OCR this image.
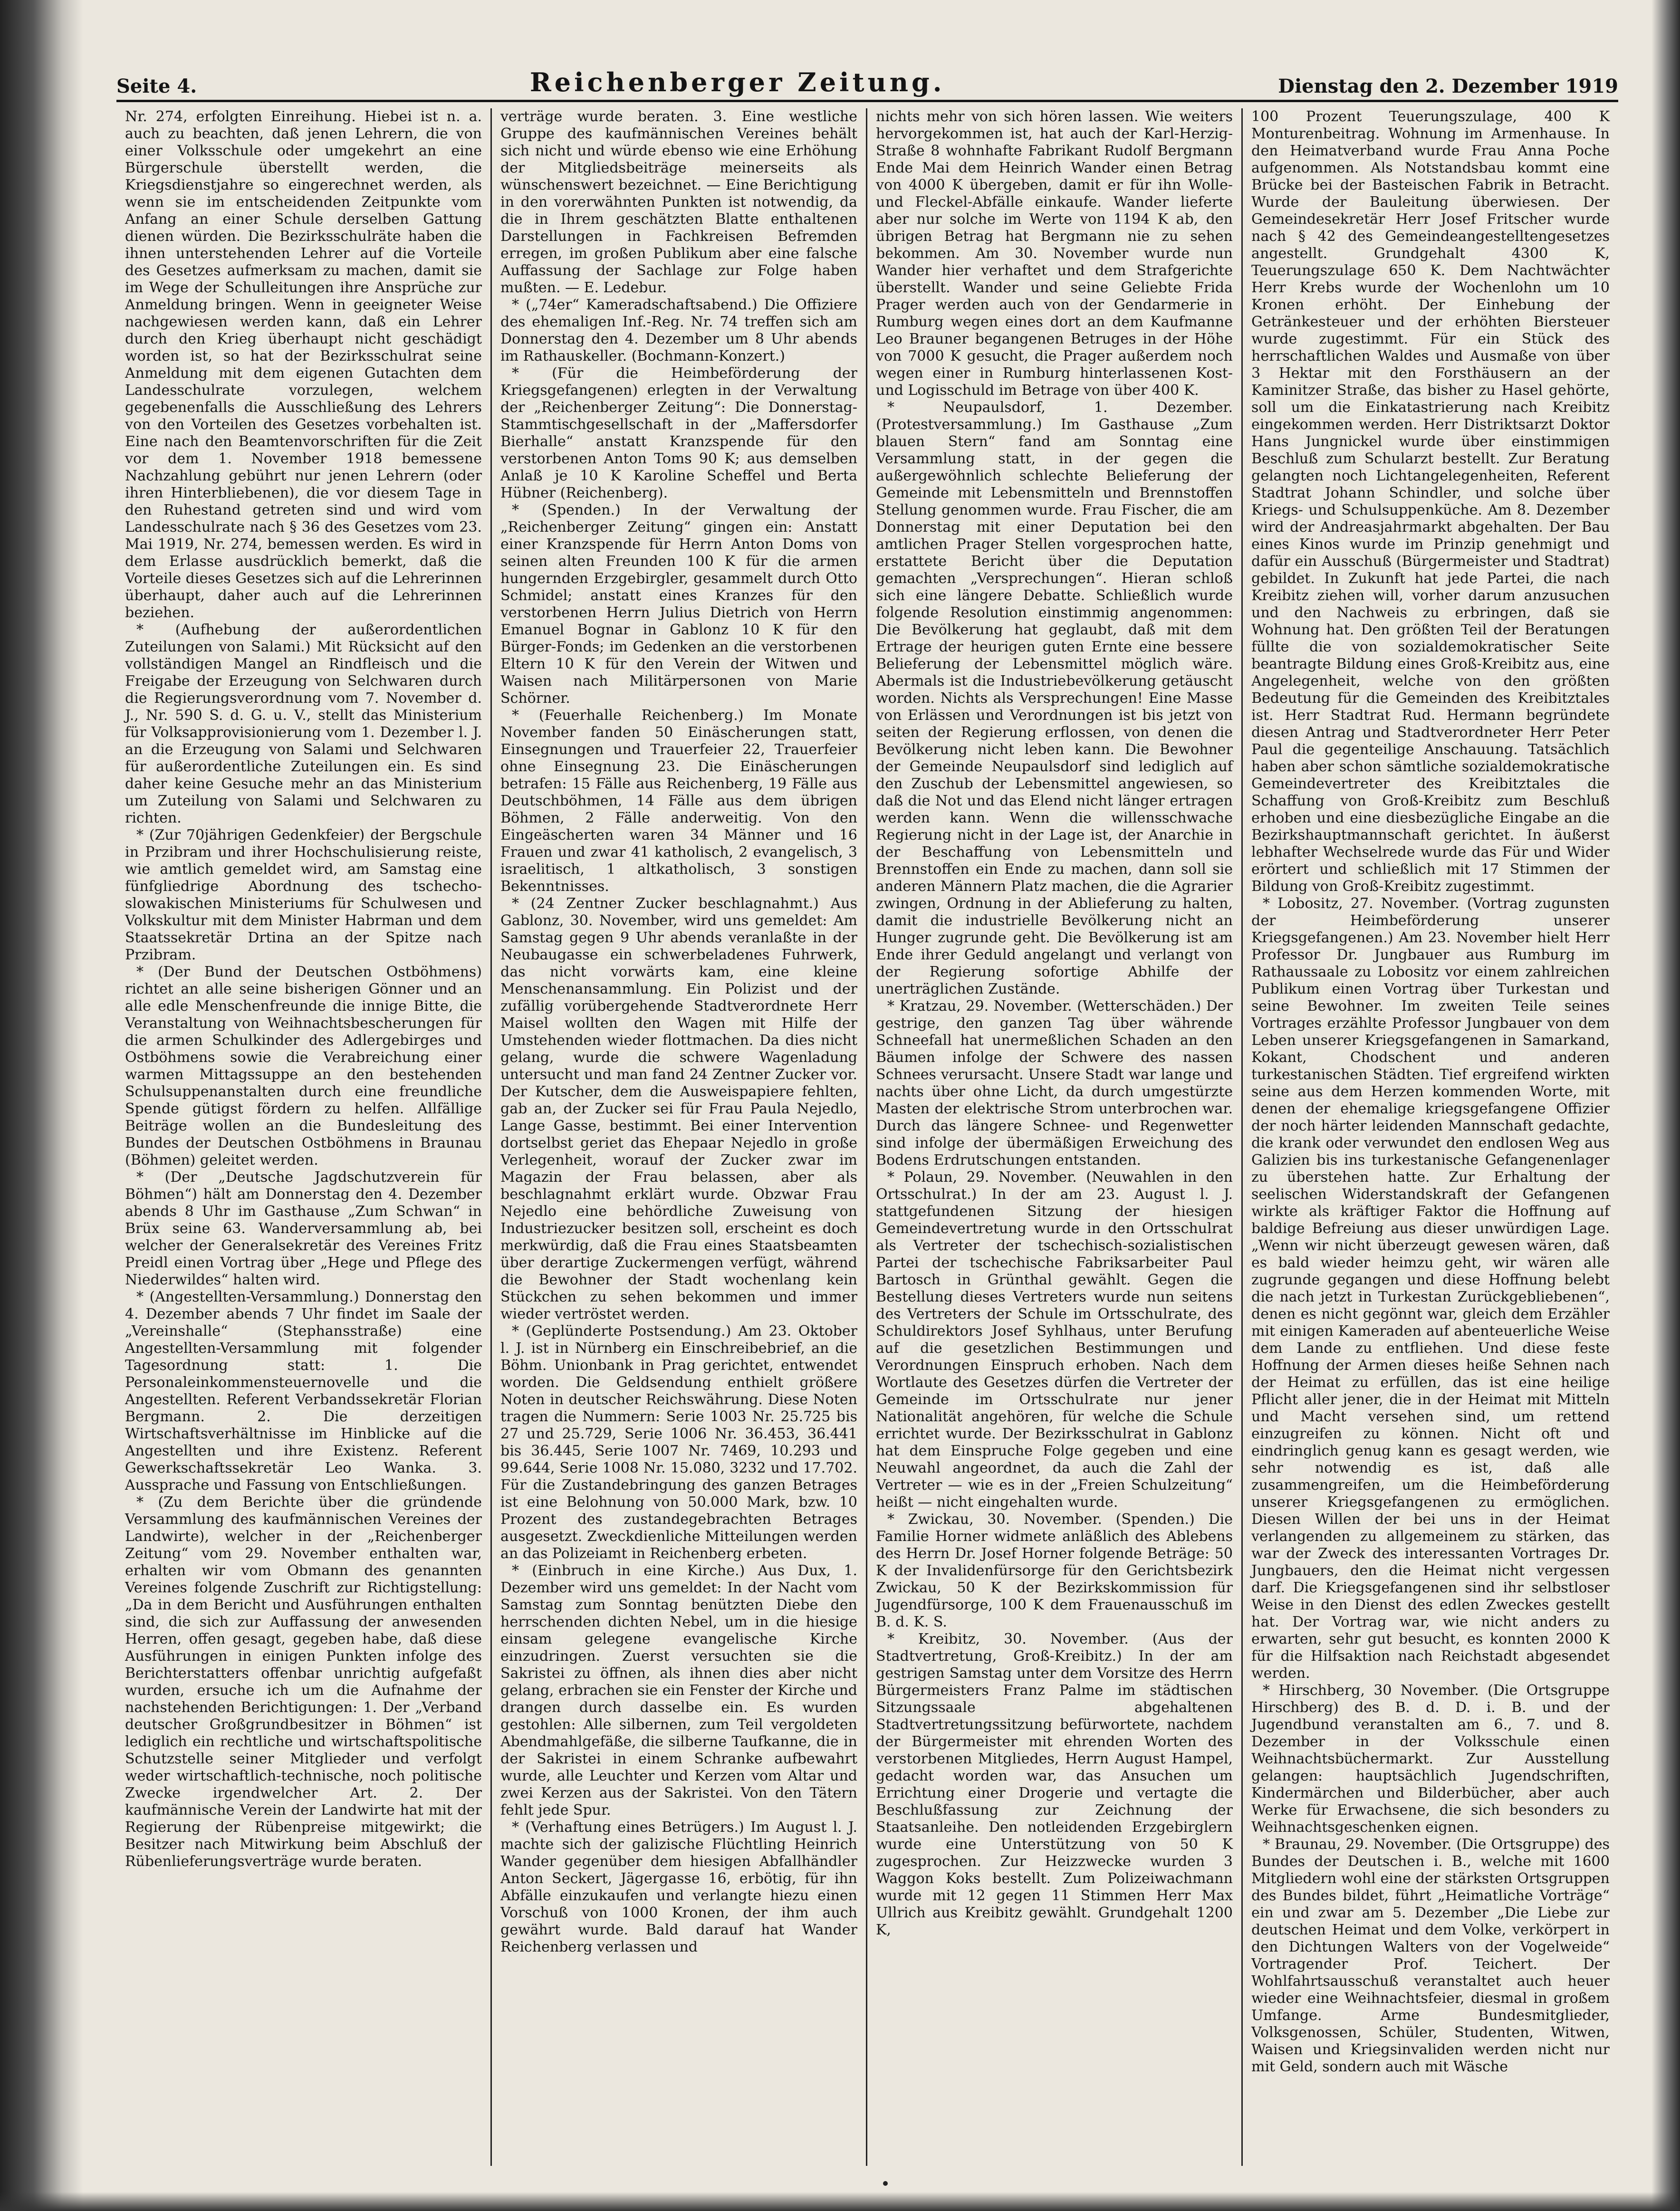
Seite 4.	Reichenberger Zeitung.	Dienstag den 2. Dezember 1919

Nr. 274, erfolgten Einreihung. Hiebei ist n. a. auch zu beachten, daß jenen Lehrern, die von einer Volksschule oder umgekehrt an eine Bürgerschule überstellt werden, die Kriegsdienstjahre so eingerechnet werden, als wenn sie im entscheidenden Zeitpunkte vom Anfang an einer Schule derselben Gattung dienen würden. Die Bezirksschulräte haben die ihnen unterstehenden Lehrer auf die Vorteile des Gesetzes aufmerksam zu machen, damit sie im Wege der Schulleitungen ihre Ansprüche zur Anmeldung bringen. Wenn in geeigneter Weise nachgewiesen werden kann, daß ein Lehrer durch den Krieg überhaupt nicht geschädigt worden ist, so hat der Bezirksschulrat seine Anmeldung mit dem eigenen Gutachten dem Landesschulrate vorzulegen, welchem gegebenenfalls die Ausschließung des Lehrers von den Vorteilen des Gesetzes vorbehalten ist. Eine nach den Beamtenvorschriften für die Zeit vor dem 1. November 1918 bemessene Nachzahlung gebührt nur jenen Lehrern (oder ihren Hinterbliebenen), die vor diesem Tage in den Ruhestand getreten sind und wird vom Landesschulrate nach § 36 des Gesetzes vom 23. Mai 1919, Nr. 274, bemessen werden. Es wird in dem Erlasse ausdrücklich bemerkt, daß die Vorteile dieses Gesetzes sich auf die Lehrerinnen überhaupt, daher auch auf die Lehrerinnen beziehen.

* (Aufhebung der außerordentlichen Zuteilungen von Salami.) Mit Rücksicht auf den vollständigen Mangel an Rindfleisch und die Freigabe der Erzeugung von Selchwaren durch die Regierungsverordnung vom 7. November d. J., Nr. 590 S. d. G. u. V., stellt das Ministerium für Volksapprovisionierung vom 1. Dezember l. J. an die Erzeugung von Salami und Selchwaren für außerordentliche Zuteilungen ein. Es sind daher keine Gesuche mehr an das Ministerium um Zuteilung von Salami und Selchwaren zu richten.

* (Zur 70jährigen Gedenkfeier) der Bergschule in Przibram und ihrer Hochschulisierung reiste, wie amtlich gemeldet wird, am Samstag eine fünfgliedrige Abordnung des tschecho-slowakischen Ministeriums für Schulwesen und Volkskultur mit dem Minister Habrman und dem Staatssekretär Drtina an der Spitze nach Przibram.

* (Der Bund der Deutschen Ostböhmens) richtet an alle seine bisherigen Gönner und an alle edle Menschenfreunde die innige Bitte, die Veranstaltung von Weihnachtsbescherungen für die armen Schulkinder des Adlergebirges und Ostböhmens sowie die Verabreichung einer warmen Mittagssuppe an den bestehenden Schulsuppenanstalten durch eine freundliche Spende gütigst fördern zu helfen. Allfällige Beiträge wollen an die Bundesleitung des Bundes der Deutschen Ostböhmens in Braunau (Böhmen) geleitet werden.

* (Der „Deutsche Jagdschutzverein für Böhmen“) hält am Donnerstag den 4. Dezember abends 8 Uhr im Gasthause „Zum Schwan“ in Brüx seine 63. Wanderversammlung ab, bei welcher der Generalsekretär des Vereines Fritz Preidl einen Vortrag über „Hege und Pflege des Niederwildes“ halten wird.

* (Angestellten-Versammlung.) Donnerstag den 4. Dezember abends 7 Uhr findet im Saale der „Vereinshalle“ (Stephansstraße) eine Angestellten-Versammlung mit folgender Tagesordnung statt: 1. Die Personaleinkommensteuernovelle und die Angestellten. Referent Verbandssekretär Florian Bergmann. 2. Die derzeitigen Wirtschaftsverhältnisse im Hinblicke auf die Angestellten und ihre Existenz. Referent Gewerkschaftssekretär Leo Wanka. 3. Aussprache und Fassung von Entschließungen.

* (Zu dem Berichte über die gründende Versammlung des kaufmännischen Vereines der Landwirte), welcher in der „Reichenberger Zeitung“ vom 29. November enthalten war, erhalten wir vom Obmann des genannten Vereines folgende Zuschrift zur Richtigstellung: „Da in dem Bericht und Ausführungen enthalten sind, die sich zur Auffassung der anwesenden Herren, offen gesagt, gegeben habe, daß diese Ausführungen in einigen Punkten infolge des Berichterstatters offenbar unrichtig aufgefaßt wurden, ersuche ich um die Aufnahme der nachstehenden Berichtigungen: 1. Der „Verband deutscher Großgrundbesitzer in Böhmen“ ist lediglich ein rechtliche und wirtschaftspolitische Schutzstelle seiner Mitglieder und verfolgt weder wirtschaftlich-technische, noch politische Zwecke irgendwelcher Art. 2. Der kaufmännische Verein der Landwirte hat mit der Regierung der Rübenpreise mitgewirkt; die Besitzer nach Mitwirkung beim Abschluß der Rübenlieferungsverträge wurde beraten.

verträge wurde beraten. 3. Eine westliche Gruppe des kaufmännischen Vereines behält sich nicht und würde ebenso wie eine Erhöhung der Mitgliedsbeiträge meinerseits als wünschenswert bezeichnet. — Eine Berichtigung in den vorerwähnten Punkten ist notwendig, da die in Ihrem geschätzten Blatte enthaltenen Darstellungen in Fachkreisen Befremden erregen, im großen Publikum aber eine falsche Auffassung der Sachlage zur Folge haben mußten. — E. Ledebur.

* („74er“ Kameradschaftsabend.) Die Offiziere des ehemaligen Inf.-Reg. Nr. 74 treffen sich am Donnerstag den 4. Dezember um 8 Uhr abends im Rathauskeller. (Bochmann-Konzert.)

* (Für die Heimbeförderung der Kriegsgefangenen) erlegten in der Verwaltung der „Reichenberger Zeitung“: Die Donnerstag-Stammtischgesellschaft in der „Maffersdorfer Bierhalle“ anstatt Kranzspende für den verstorbenen Anton Toms 90 K; aus demselben Anlaß je 10 K Karoline Scheffel und Berta Hübner (Reichenberg).

* (Spenden.) In der Verwaltung der „Reichenberger Zeitung“ gingen ein: Anstatt einer Kranzspende für Herrn Anton Doms von seinen alten Freunden 100 K für die armen hungernden Erzgebirgler, gesammelt durch Otto Schmidel; anstatt eines Kranzes für den verstorbenen Herrn Julius Dietrich von Herrn Emanuel Bognar in Gablonz 10 K für den Bürger-Fonds; im Gedenken an die verstorbenen Eltern 10 K für den Verein der Witwen und Waisen nach Militärpersonen von Marie Schörner.

* (Feuerhalle Reichenberg.) Im Monate November fanden 50 Einäscherungen statt, Einsegnungen und Trauerfeier 22, Trauerfeier ohne Einsegnung 23. Die Einäscherungen betrafen: 15 Fälle aus Reichenberg, 19 Fälle aus Deutschböhmen, 14 Fälle aus dem übrigen Böhmen, 2 Fälle anderweitig. Von den Eingeäscherten waren 34 Männer und 16 Frauen und zwar 41 katholisch, 2 evangelisch, 3 israelitisch, 1 altkatholisch, 3 sonstigen Bekenntnisses.

* (24 Zentner Zucker beschlagnahmt.) Aus Gablonz, 30. November, wird uns gemeldet: Am Samstag gegen 9 Uhr abends veranlaßte in der Neubaugasse ein schwerbeladenes Fuhrwerk, das nicht vorwärts kam, eine kleine Menschenansammlung. Ein Polizist und der zufällig vorübergehende Stadtverordnete Herr Maisel wollten den Wagen mit Hilfe der Umstehenden wieder flottmachen. Da dies nicht gelang, wurde die schwere Wagenladung untersucht und man fand 24 Zentner Zucker vor. Der Kutscher, dem die Ausweispapiere fehlten, gab an, der Zucker sei für Frau Paula Nejedlo, Lange Gasse, bestimmt. Bei einer Intervention dortselbst geriet das Ehepaar Nejedlo in große Verlegenheit, worauf der Zucker zwar im Magazin der Frau belassen, aber als beschlagnahmt erklärt wurde. Obzwar Frau Nejedlo eine behördliche Zuweisung von Industriezucker besitzen soll, erscheint es doch merkwürdig, daß die Frau eines Staatsbeamten über derartige Zuckermengen verfügt, während die Bewohner der Stadt wochenlang kein Stückchen zu sehen bekommen und immer wieder vertröstet werden.

* (Geplünderte Postsendung.) Am 23. Oktober l. J. ist in Nürnberg ein Einschreibebrief, an die Böhm. Unionbank in Prag gerichtet, entwendet worden. Die Geldsendung enthielt größere Noten in deutscher Reichswährung. Diese Noten tragen die Nummern: Serie 1003 Nr. 25.725 bis 27 und 25.729, Serie 1006 Nr. 36.453, 36.441 bis 36.445, Serie 1007 Nr. 7469, 10.293 und 99.644, Serie 1008 Nr. 15.080, 3232 und 17.702. Für die Zustandebringung des ganzen Betrages ist eine Belohnung von 50.000 Mark, bzw. 10 Prozent des zustandegebrachten Betrages ausgesetzt. Zweckdienliche Mitteilungen werden an das Polizeiamt in Reichenberg erbeten.

* (Einbruch in eine Kirche.) Aus Dux, 1. Dezember wird uns gemeldet: In der Nacht vom Samstag zum Sonntag benützten Diebe den herrschenden dichten Nebel, um in die hiesige einsam gelegene evangelische Kirche einzudringen. Zuerst versuchten sie die Sakristei zu öffnen, als ihnen dies aber nicht gelang, erbrachen sie ein Fenster der Kirche und drangen durch dasselbe ein. Es wurden gestohlen: Alle silbernen, zum Teil vergoldeten Abendmahlgefäße, die silberne Taufkanne, die in der Sakristei in einem Schranke aufbewahrt wurde, alle Leuchter und Kerzen vom Altar und zwei Kerzen aus der Sakristei. Von den Tätern fehlt jede Spur.

* (Verhaftung eines Betrügers.) Im August l. J. machte sich der galizische Flüchtling Heinrich Wander gegenüber dem hiesigen Abfallhändler Anton Seckert, Jägergasse 16, erbötig, für ihn Abfälle einzukaufen und verlangte hiezu einen Vorschuß von 1000 Kronen, der ihm auch gewährt wurde. Bald darauf hat Wander Reichenberg verlassen und

nichts mehr von sich hören lassen. Wie weiters hervorgekommen ist, hat auch der Karl-Herzig-Straße 8 wohnhafte Fabrikant Rudolf Bergmann Ende Mai dem Heinrich Wander einen Betrag von 4000 K übergeben, damit er für ihn Wolle- und Fleckel-Abfälle einkaufe. Wander lieferte aber nur solche im Werte von 1194 K ab, den übrigen Betrag hat Bergmann nie zu sehen bekommen. Am 30. November wurde nun Wander hier verhaftet und dem Strafgerichte überstellt. Wander und seine Geliebte Frida Prager werden auch von der Gendarmerie in Rumburg wegen eines dort an dem Kaufmanne Leo Brauner begangenen Betruges in der Höhe von 7000 K gesucht, die Prager außerdem noch wegen einer in Rumburg hinterlassenen Kost- und Logisschuld im Betrage von über 400 K.

* Neupaulsdorf, 1. Dezember. (Protestversammlung.) Im Gasthause „Zum blauen Stern“ fand am Sonntag eine Versammlung statt, in der gegen die außergewöhnlich schlechte Belieferung der Gemeinde mit Lebensmitteln und Brennstoffen Stellung genommen wurde. Frau Fischer, die am Donnerstag mit einer Deputation bei den amtlichen Prager Stellen vorgesprochen hatte, erstattete Bericht über die Deputation gemachten „Versprechungen“. Hieran schloß sich eine längere Debatte. Schließlich wurde folgende Resolution einstimmig angenommen: Die Bevölkerung hat geglaubt, daß mit dem Ertrage der heurigen guten Ernte eine bessere Belieferung der Lebensmittel möglich wäre. Abermals ist die Industriebevölkerung getäuscht worden. Nichts als Versprechungen! Eine Masse von Erlässen und Verordnungen ist bis jetzt von seiten der Regierung erflossen, von denen die Bevölkerung nicht leben kann. Die Bewohner der Gemeinde Neupaulsdorf sind lediglich auf den Zuschub der Lebensmittel angewiesen, so daß die Not und das Elend nicht länger ertragen werden kann. Wenn die willensschwache Regierung nicht in der Lage ist, der Anarchie in der Beschaffung von Lebensmitteln und Brennstoffen ein Ende zu machen, dann soll sie anderen Männern Platz machen, die die Agrarier zwingen, Ordnung in der Ablieferung zu halten, damit die industrielle Bevölkerung nicht an Hunger zugrunde geht. Die Bevölkerung ist am Ende ihrer Geduld angelangt und verlangt von der Regierung sofortige Abhilfe der unerträglichen Zustände.

* Kratzau, 29. November. (Wetterschäden.) Der gestrige, den ganzen Tag über währende Schneefall hat unermeßlichen Schaden an den Bäumen infolge der Schwere des nassen Schnees verursacht. Unsere Stadt war lange und nachts über ohne Licht, da durch umgestürzte Masten der elektrische Strom unterbrochen war. Durch das längere Schnee- und Regenwetter sind infolge der übermäßigen Erweichung des Bodens Erdrutschungen entstanden.

* Polaun, 29. November. (Neuwahlen in den Ortsschulrat.) In der am 23. August l. J. stattgefundenen Sitzung der hiesigen Gemeindevertretung wurde in den Ortsschulrat als Vertreter der tschechisch-sozialistischen Partei der tschechische Fabriksarbeiter Paul Bartosch in Grünthal gewählt. Gegen die Bestellung dieses Vertreters wurde nun seitens des Vertreters der Schule im Ortsschulrate, des Schuldirektors Josef Syhlhaus, unter Berufung auf die gesetzlichen Bestimmungen und Verordnungen Einspruch erhoben. Nach dem Wortlaute des Gesetzes dürfen die Vertreter der Gemeinde im Ortsschulrate nur jener Nationalität angehören, für welche die Schule errichtet wurde. Der Bezirksschulrat in Gablonz hat dem Einspruche Folge gegeben und eine Neuwahl angeordnet, da auch die Zahl der Vertreter — wie es in der „Freien Schulzeitung“ heißt — nicht eingehalten wurde.

* Zwickau, 30. November. (Spenden.) Die Familie Horner widmete anläßlich des Ablebens des Herrn Dr. Josef Horner folgende Beträge: 50 K der Invalidenfürsorge für den Gerichtsbezirk Zwickau, 50 K der Bezirkskommission für Jugendfürsorge, 100 K dem Frauenausschuß im B. d. K. S.

* Kreibitz, 30. November. (Aus der Stadtvertretung, Groß-Kreibitz.) In der am gestrigen Samstag unter dem Vorsitze des Herrn Bürgermeisters Franz Palme im städtischen Sitzungssaale abgehaltenen Stadtvertretungssitzung befürwortete, nachdem der Bürgermeister mit ehrenden Worten des verstorbenen Mitgliedes, Herrn August Hampel, gedacht worden war, das Ansuchen um Errichtung einer Drogerie und vertagte die Beschlußfassung zur Zeichnung der Staatsanleihe. Den notleidenden Erzgebirglern wurde eine Unterstützung von 50 K zugesprochen. Zur Heizzwecke wurden 3 Waggon Koks bestellt. Zum Polizeiwachmann wurde mit 12 gegen 11 Stimmen Herr Max Ullrich aus Kreibitz gewählt. Grundgehalt 1200 K,

100 Prozent Teuerungszulage, 400 K Monturenbeitrag. Wohnung im Armenhause. In den Heimatverband wurde Frau Anna Poche aufgenommen. Als Notstandsbau kommt eine Brücke bei der Basteischen Fabrik in Betracht. Wurde der Bauleitung überwiesen. Der Gemeindesekretär Herr Josef Fritscher wurde nach § 42 des Gemeindeangestelltengesetzes angestellt. Grundgehalt 4300 K, Teuerungszulage 650 K. Dem Nachtwächter Herr Krebs wurde der Wochenlohn um 10 Kronen erhöht. Der Einhebung der Getränkesteuer und der erhöhten Biersteuer wurde zugestimmt. Für ein Stück des herrschaftlichen Waldes und Ausmaße von über 3 Hektar mit den Forsthäusern an der Kaminitzer Straße, das bisher zu Hasel gehörte, soll um die Einkatastrierung nach Kreibitz eingekommen werden. Herr Distriktsarzt Doktor Hans Jungnickel wurde über einstimmigen Beschluß zum Schularzt bestellt. Zur Beratung gelangten noch Lichtangelegenheiten, Referent Stadtrat Johann Schindler, und solche über Kriegs- und Schulsuppenküche. Am 8. Dezember wird der Andreasjahrmarkt abgehalten. Der Bau eines Kinos wurde im Prinzip genehmigt und dafür ein Ausschuß (Bürgermeister und Stadtrat) gebildet. In Zukunft hat jede Partei, die nach Kreibitz ziehen will, vorher darum anzusuchen und den Nachweis zu erbringen, daß sie Wohnung hat. Den größten Teil der Beratungen füllte die von sozialdemokratischer Seite beantragte Bildung eines Groß-Kreibitz aus, eine Angelegenheit, welche von den größten Bedeutung für die Gemeinden des Kreibitztales ist. Herr Stadtrat Rud. Hermann begründete diesen Antrag und Stadtverordneter Herr Peter Paul die gegenteilige Anschauung. Tatsächlich haben aber schon sämtliche sozialdemokratische Gemeindevertreter des Kreibitztales die Schaffung von Groß-Kreibitz zum Beschluß erhoben und eine diesbezügliche Eingabe an die Bezirkshauptmannschaft gerichtet. In äußerst lebhafter Wechselrede wurde das Für und Wider erörtert und schließlich mit 17 Stimmen der Bildung von Groß-Kreibitz zugestimmt.

* Lobositz, 27. November. (Vortrag zugunsten der Heimbeförderung unserer Kriegsgefangenen.) Am 23. November hielt Herr Professor Dr. Jungbauer aus Rumburg im Rathaussaale zu Lobositz vor einem zahlreichen Publikum einen Vortrag über Turkestan und seine Bewohner. Im zweiten Teile seines Vortrages erzählte Professor Jungbauer von dem Leben unserer Kriegsgefangenen in Samarkand, Kokant, Chodschent und anderen turkestanischen Städten. Tief ergreifend wirkten seine aus dem Herzen kommenden Worte, mit denen der ehemalige kriegsgefangene Offizier der noch härter leidenden Mannschaft gedachte, die krank oder verwundet den endlosen Weg aus Galizien bis ins turkestanische Gefangenenlager zu überstehen hatte. Zur Erhaltung der seelischen Widerstandskraft der Gefangenen wirkte als kräftiger Faktor die Hoffnung auf baldige Befreiung aus dieser unwürdigen Lage. „Wenn wir nicht überzeugt gewesen wären, daß es bald wieder heimzu geht, wir wären alle zugrunde gegangen und diese Hoffnung belebt die nach jetzt in Turkestan Zurückgebliebenen“, denen es nicht gegönnt war, gleich dem Erzähler mit einigen Kameraden auf abenteuerliche Weise dem Lande zu entfliehen. Und diese feste Hoffnung der Armen dieses heiße Sehnen nach der Heimat zu erfüllen, das ist eine heilige Pflicht aller jener, die in der Heimat mit Mitteln und Macht versehen sind, um rettend einzugreifen zu können. Nicht oft und eindringlich genug kann es gesagt werden, wie sehr notwendig es ist, daß alle zusammengreifen, um die Heimbeförderung unserer Kriegsgefangenen zu ermöglichen. Diesen Willen der bei uns in der Heimat verlangenden zu allgemeinem zu stärken, das war der Zweck des interessanten Vortrages Dr. Jungbauers, den die Heimat nicht vergessen darf. Die Kriegsgefangenen sind ihr selbstloser Weise in den Dienst des edlen Zweckes gestellt hat. Der Vortrag war, wie nicht anders zu erwarten, sehr gut besucht, es konnten 2000 K für die Hilfsaktion nach Reichstadt abgesendet werden.

* Hirschberg, 30 November. (Die Ortsgruppe Hirschberg) des B. d. D. i. B. und der Jugendbund veranstalten am 6., 7. und 8. Dezember in der Volksschule einen Weihnachtsbüchermarkt. Zur Ausstellung gelangen: hauptsächlich Jugendschriften, Kindermärchen und Bilderbücher, aber auch Werke für Erwachsene, die sich besonders zu Weihnachtsgeschenken eignen.

* Braunau, 29. November. (Die Ortsgruppe) des Bundes der Deutschen i. B., welche mit 1600 Mitgliedern wohl eine der stärksten Ortsgruppen des Bundes bildet, führt „Heimatliche Vorträge“ ein und zwar am 5. Dezember „Die Liebe zur deutschen Heimat und dem Volke, verkörpert in den Dichtungen Walters von der Vogelweide“ Vortragender Prof. Teichert. Der Wohlfahrtsausschuß veranstaltet auch heuer wieder eine Weihnachtsfeier, diesmal in großem Umfange. Arme Bundesmitglieder, Volksgenossen, Schüler, Studenten, Witwen, Waisen und Kriegsinvaliden werden nicht nur mit Geld, sondern auch mit Wäsche
